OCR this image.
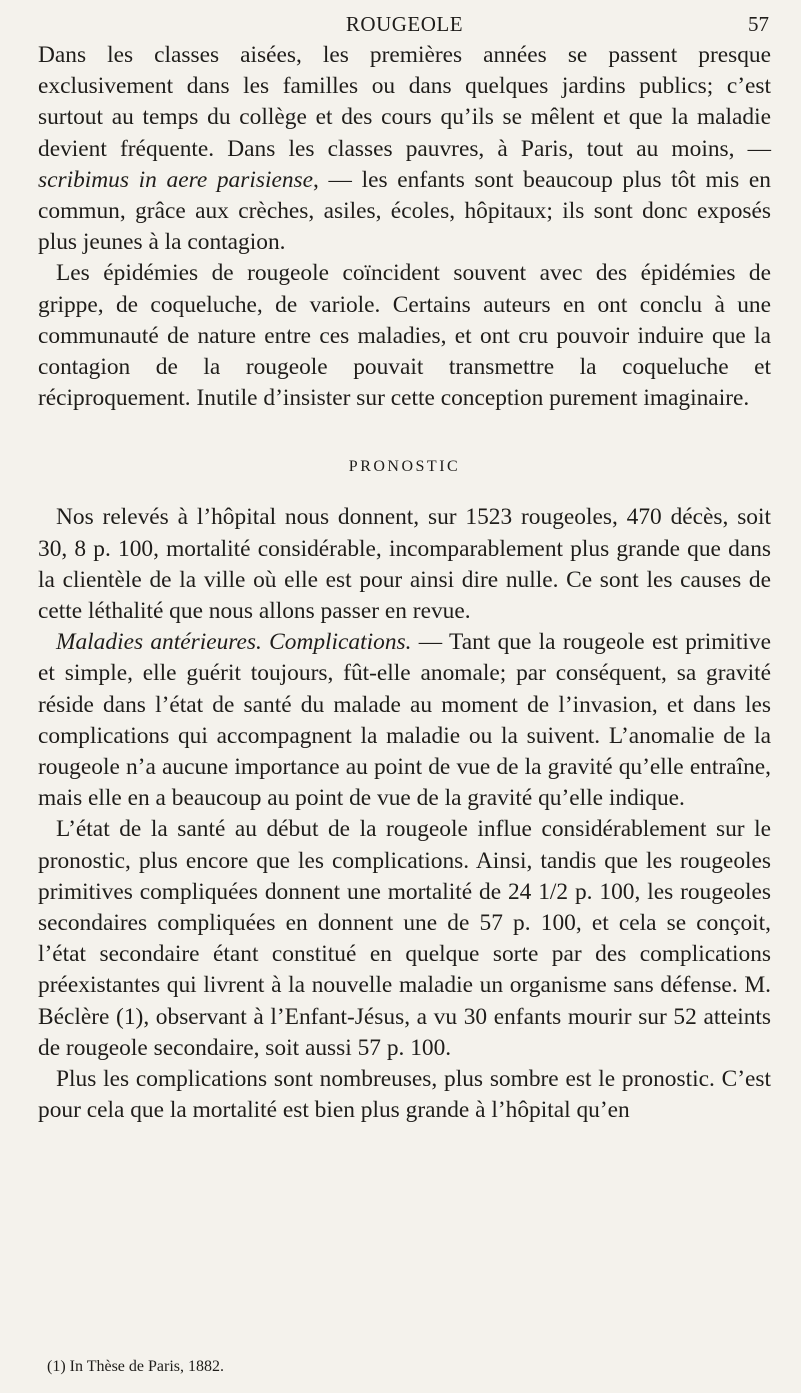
ROUGEOLE	57

Dans les classes aisées, les premières années se passent presque exclusivement dans les familles ou dans quelques jardins publics; c’est surtout au temps du collège et des cours qu’ils se mêlent et que la maladie devient fréquente. Dans les classes pauvres, à Paris, tout au moins, — scribimus in aere parisiense, — les enfants sont beaucoup plus tôt mis en commun, grâce aux crèches, asiles, écoles, hôpitaux; ils sont donc exposés plus jeunes à la contagion.

Les épidémies de rougeole coïncident souvent avec des épidémies de grippe, de coqueluche, de variole. Certains auteurs en ont conclu à une communauté de nature entre ces maladies, et ont cru pouvoir induire que la contagion de la rougeole pouvait transmettre la coqueluche et réciproquement. Inutile d’insister sur cette conception purement imaginaire.

PRONOSTIC

Nos relevés à l’hôpital nous donnent, sur 1523 rougeoles, 470 décès, soit 30, 8 p. 100, mortalité considérable, incomparablement plus grande que dans la clientèle de la ville où elle est pour ainsi dire nulle. Ce sont les causes de cette léthalité que nous allons passer en revue.

Maladies antérieures. Complications. — Tant que la rougeole est primitive et simple, elle guérit toujours, fût-elle anomale; par conséquent, sa gravité réside dans l’état de santé du malade au moment de l’invasion, et dans les complications qui accompagnent la maladie ou la suivent. L’anomalie de la rougeole n’a aucune importance au point de vue de la gravité qu’elle entraîne, mais elle en a beaucoup au point de vue de la gravité qu’elle indique.

L’état de la santé au début de la rougeole influe considérablement sur le pronostic, plus encore que les complications. Ainsi, tandis que les rougeoles primitives compliquées donnent une mortalité de 24 1/2 p. 100, les rougeoles secondaires compliquées en donnent une de 57 p. 100, et cela se conçoit, l’état secondaire étant constitué en quelque sorte par des complications préexistantes qui livrent à la nouvelle maladie un organisme sans défense. M. Béclère (1), observant à l’Enfant-Jésus, a vu 30 enfants mourir sur 52 atteints de rougeole secondaire, soit aussi 57 p. 100.

Plus les complications sont nombreuses, plus sombre est le pronostic. C’est pour cela que la mortalité est bien plus grande à l’hôpital qu’en

(1) In Thèse de Paris, 1882.
